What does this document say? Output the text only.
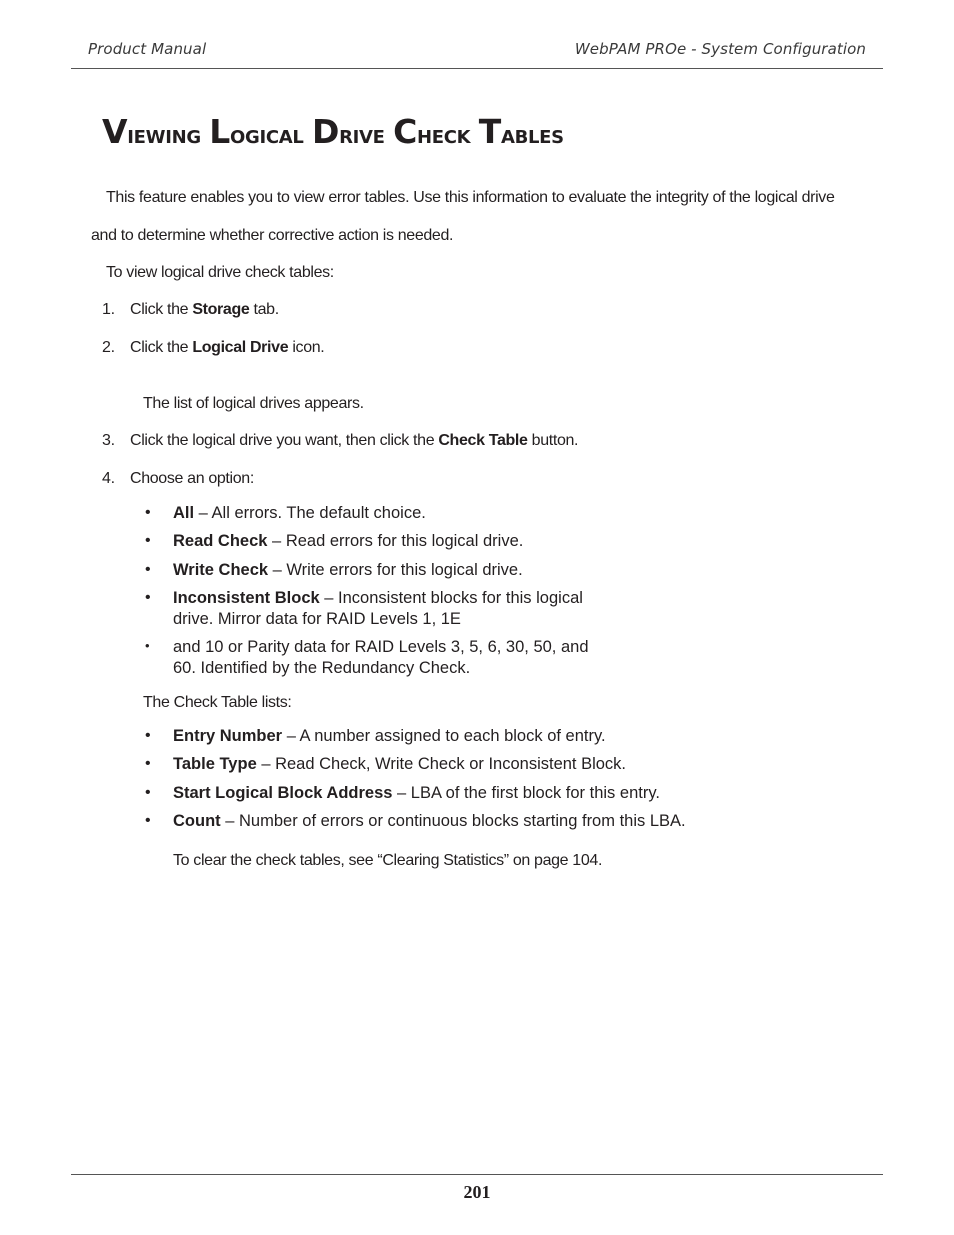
Product Manual	WebPAM PROe - System Configuration
Viewing Logical Drive Check Tables
This feature enables you to view error tables. Use this information to evaluate the integrity of the logical drive
and to determine whether corrective action is needed.
To view logical drive check tables:
1. Click the Storage tab.
2. Click the Logical Drive icon.
The list of logical drives appears.
3. Click the logical drive you want, then click the Check Table button.
4. Choose an option:
• All – All errors. The default choice.
• Read Check – Read errors for this logical drive.
• Write Check – Write errors for this logical drive.
• Inconsistent Block – Inconsistent blocks for this logical
drive. Mirror data for RAID Levels 1, 1E
• and 10 or Parity data for RAID Levels 3, 5, 6, 30, 50, and
60. Identified by the Redundancy Check.
The Check Table lists:
• Entry Number – A number assigned to each block of entry.
• Table Type – Read Check, Write Check or Inconsistent Block.
• Start Logical Block Address – LBA of the first block for this entry.
• Count – Number of errors or continuous blocks starting from this LBA.
To clear the check tables, see “Clearing Statistics” on page 104.
201
